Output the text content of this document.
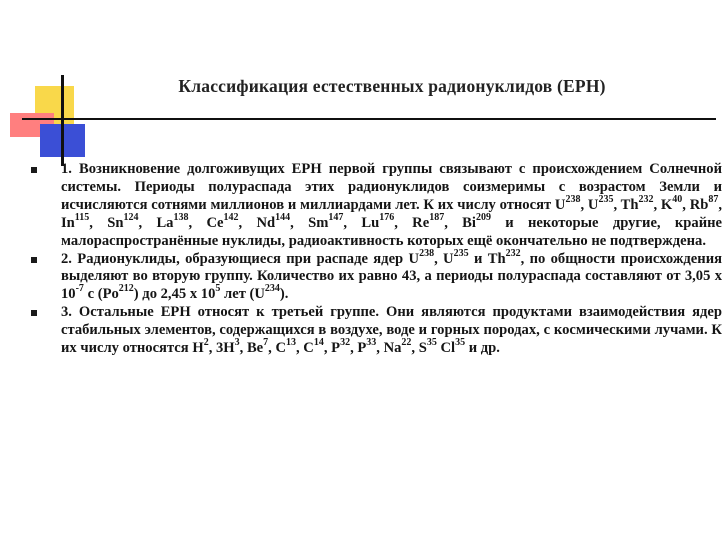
Классификация естественных радионуклидов (ЕРН)
1. Возникновение долгоживущих ЕРН первой группы связывают с происхождением Солнечной системы. Периоды полураспада этих радионуклидов соизмеримы с возрастом Земли и исчисляются сотнями миллионов и миллиардами лет. К их числу относят $U^{238}$, $U^{235}$, Th$^{232}$, $K^{40}$, Rb$^{87}$, In$^{115}$, Sn$^{124}$, La$^{138}$, Ce$^{142}$, Nd$^{144}$, Sm$^{147}$, Lu$^{176}$, Re$^{187}$, Bi$^{209}$ и некоторые другие, крайне малораспространённые нуклиды, радиоактивность которых ещё окончательно не подтверждена.
2. Радионуклиды, образующиеся при распаде ядер $U^{238}$, $U^{235}$ и Th$^{232}$, по общности происхождения выделяют во вторую группу. Количество их равно 43, а периоды полураспада составляют от 3,05 х $10^{-7}$ с (Po$^{212}$) до 2,45 х $10^5$ лет $(U^{234})$.
3. Остальные ЕРН относят к третьей группе. Они являются продуктами взаимодействия ядер стабильных элементов, содержащихся в воздухе, воде и горных породах, с космическими лучами. К их числу относятся $H^2$, $3H^3$, Be$^7$, $C^{13}$, $C^{14}$, $P^{32}$, $P^{33}$, Na$^{22}$, $S^{35}$ Cl$^{35}$ и др.
